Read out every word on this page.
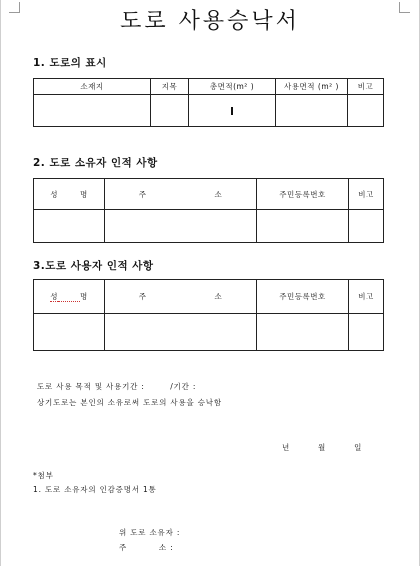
도로 사용승낙서
1. 도로의 표시
소재지	지목	총면적(m² )	사용면적 (m² )	비고

2. 도로 소유자 인적 사항
성 명	주 소	주민등록번호	비고

3.도로 사용자 인적 사항
성 명	주 소	주민등록번호	비고

도로 사용 목적 및 사용기간 :        /기간 :
상기도로는 본인의 소유로써 도로의 사용을 승낙함
년	월	일
*첨부
1. 도로 소유자의 인감증명서 1통
위 도로 소유자 :
주          소 :
